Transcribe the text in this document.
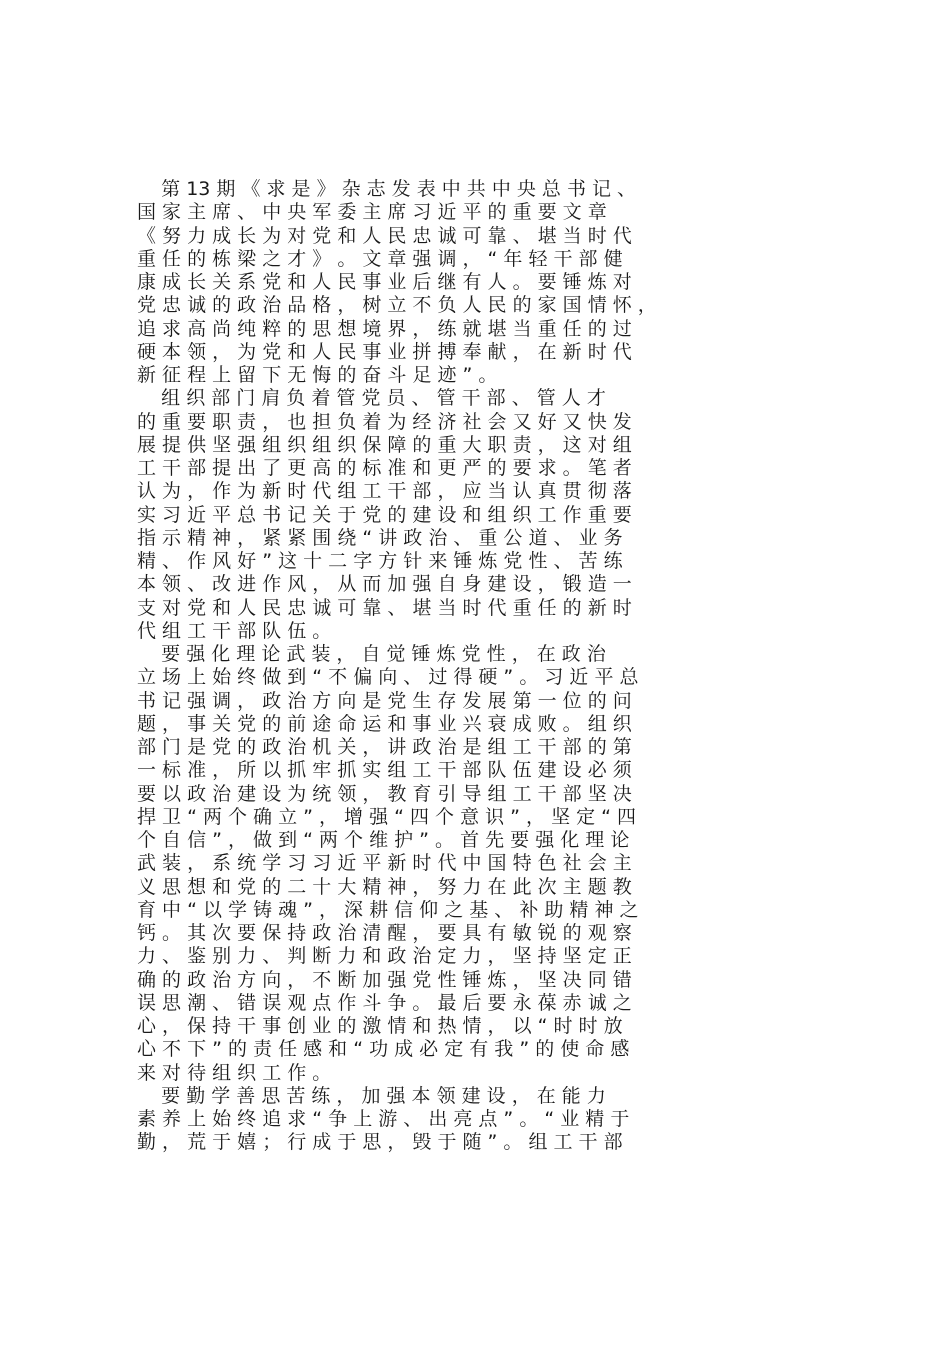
第 13 期 《 求 是 》 杂 志 发 表 中 共 中 央 总 书 记 、
国 家 主 席 、 中 央 军 委 主 席 习 近 平 的 重 要 文 章
《 努 力 成 长 为 对 党 和 人 民 忠 诚 可 靠 、 堪 当 时 代
重 任 的 栋 梁 之 才 》 。 文 章 强 调 ， “ 年 轻 干 部 健
康 成 长 关 系 党 和 人 民 事 业 后 继 有 人 。 要 锤 炼 对
党 忠 诚 的 政 治 品 格 ， 树 立 不 负 人 民 的 家 国 情 怀 ，
追 求 高 尚 纯 粹 的 思 想 境 界 ， 练 就 堪 当 重 任 的 过
硬 本 领 ， 为 党 和 人 民 事 业 拼 搏 奉 献 ， 在 新 时 代
新 征 程 上 留 下 无 悔 的 奋 斗 足 迹 ” 。
组 织 部 门 肩 负 着 管 党 员 、 管 干 部 、 管 人 才
的 重 要 职 责 ， 也 担 负 着 为 经 济 社 会 又 好 又 快 发
展 提 供 坚 强 组 织 组 织 保 障 的 重 大 职 责 ， 这 对 组
工 干 部 提 出 了 更 高 的 标 准 和 更 严 的 要 求 。 笔 者
认 为 ， 作 为 新 时 代 组 工 干 部 ， 应 当 认 真 贯 彻 落
实 习 近 平 总 书 记 关 于 党 的 建 设 和 组 织 工 作 重 要
指 示 精 神 ， 紧 紧 围 绕 “ 讲 政 治 、 重 公 道 、 业 务
精 、 作 风 好 ” 这 十 二 字 方 针 来 锤 炼 党 性 、 苦 练
本 领 、 改 进 作 风 ， 从 而 加 强 自 身 建 设 ， 锻 造 一
支 对 党 和 人 民 忠 诚 可 靠 、 堪 当 时 代 重 任 的 新 时
代 组 工 干 部 队 伍 。
要 强 化 理 论 武 装 ， 自 觉 锤 炼 党 性 ， 在 政 治
立 场 上 始 终 做 到 “ 不 偏 向 、 过 得 硬 ” 。 习 近 平 总
书 记 强 调 ， 政 治 方 向 是 党 生 存 发 展 第 一 位 的 问
题 ， 事 关 党 的 前 途 命 运 和 事 业 兴 衰 成 败 。 组 织
部 门 是 党 的 政 治 机 关 ， 讲 政 治 是 组 工 干 部 的 第
一 标 准 ， 所 以 抓 牢 抓 实 组 工 干 部 队 伍 建 设 必 须
要 以 政 治 建 设 为 统 领 ， 教 育 引 导 组 工 干 部 坚 决
捍 卫 “ 两 个 确 立 ” ， 增 强 “ 四 个 意 识 ” ， 坚 定 “ 四
个 自 信 ” ， 做 到 “ 两 个 维 护 ” 。 首 先 要 强 化 理 论
武 装 ， 系 统 学 习 习 近 平 新 时 代 中 国 特 色 社 会 主
义 思 想 和 党 的 二 十 大 精 神 ， 努 力 在 此 次 主 题 教
育 中 “ 以 学 铸 魂 ” ， 深 耕 信 仰 之 基 、 补 助 精 神 之
钙 。 其 次 要 保 持 政 治 清 醒 ， 要 具 有 敏 锐 的 观 察
力 、 鉴 别 力 、 判 断 力 和 政 治 定 力 ， 坚 持 坚 定 正
确 的 政 治 方 向 ， 不 断 加 强 党 性 锤 炼 ， 坚 决 同 错
误 思 潮 、 错 误 观 点 作 斗 争 。 最 后 要 永 葆 赤 诚 之
心 ， 保 持 干 事 创 业 的 激 情 和 热 情 ， 以 “ 时 时 放
心 不 下 ” 的 责 任 感 和 “ 功 成 必 定 有 我 ” 的 使 命 感
来 对 待 组 织 工 作 。
要 勤 学 善 思 苦 练 ， 加 强 本 领 建 设 ， 在 能 力
素 养 上 始 终 追 求 “ 争 上 游 、 出 亮 点 ” 。 “ 业 精 于
勤 ， 荒 于 嬉 ； 行 成 于 思 ， 毁 于 随 ” 。 组 工 干 部
